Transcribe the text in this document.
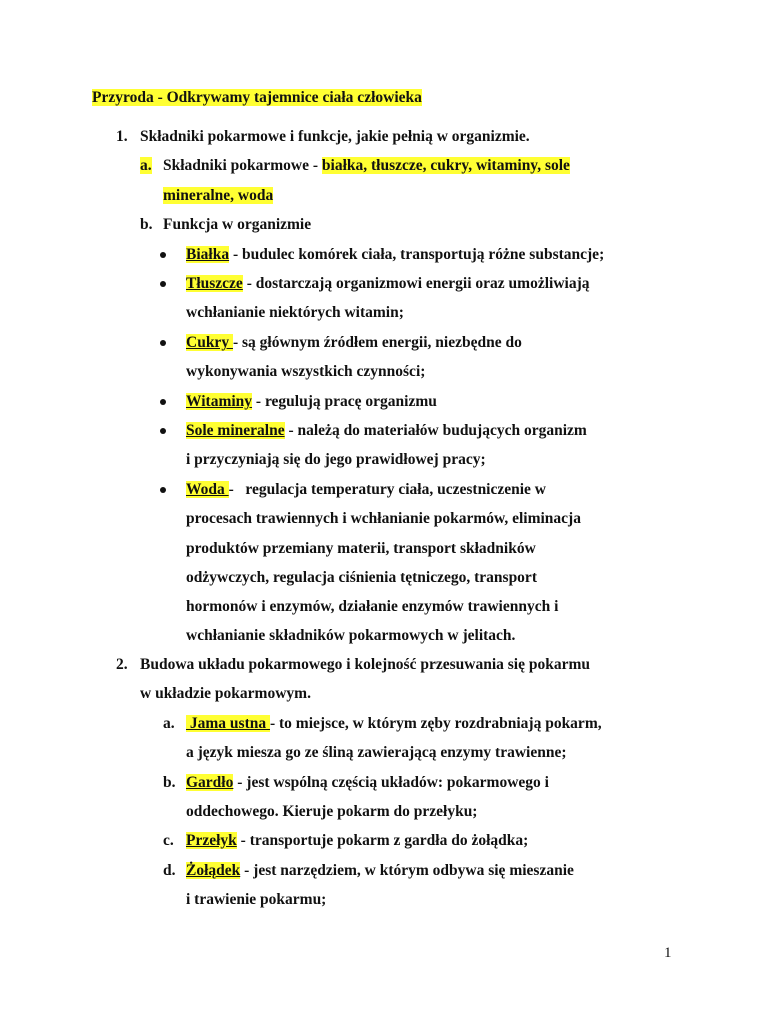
Przyroda - Odkrywamy tajemnice ciała człowieka
1. Składniki pokarmowe i funkcje, jakie pełnią w organizmie.
a. Składniki pokarmowe - białka, tłuszcze, cukry, witaminy, sole
mineralne, woda
b. Funkcja w organizmie
Białka - budulec komórek ciała, transportują różne substancje;
Tłuszcze - dostarczają organizmowi energii oraz umożliwiają
wchłanianie niektórych witamin;
Cukry - są głównym źródłem energii, niezbędne do
wykonywania wszystkich czynności;
Witaminy - regulują pracę organizmu
Sole mineralne - należą do materiałów budujących organizm
i przyczyniają się do jego prawidłowej pracy;
Woda -   regulacja temperatury ciała, uczestniczenie w
procesach trawiennych i wchłanianie pokarmów, eliminacja
produktów przemiany materii, transport składników
odżywczych, regulacja ciśnienia tętniczego, transport
hormonów i enzymów, działanie enzymów trawiennych i
wchłanianie składników pokarmowych w jelitach.
2. Budowa układu pokarmowego i kolejność przesuwania się pokarmu
w układzie pokarmowym.
a. Jama ustna - to miejsce, w którym zęby rozdrabniają pokarm,
a język miesza go ze śliną zawierającą enzymy trawienne;
b. Gardło - jest wspólną częścią układów: pokarmowego i
oddechowego. Kieruje pokarm do przełyku;
c. Przełyk - transportuje pokarm z gardła do żołądka;
d. Żołądek - jest narzędziem, w którym odbywa się mieszanie
i trawienie pokarmu;
1
